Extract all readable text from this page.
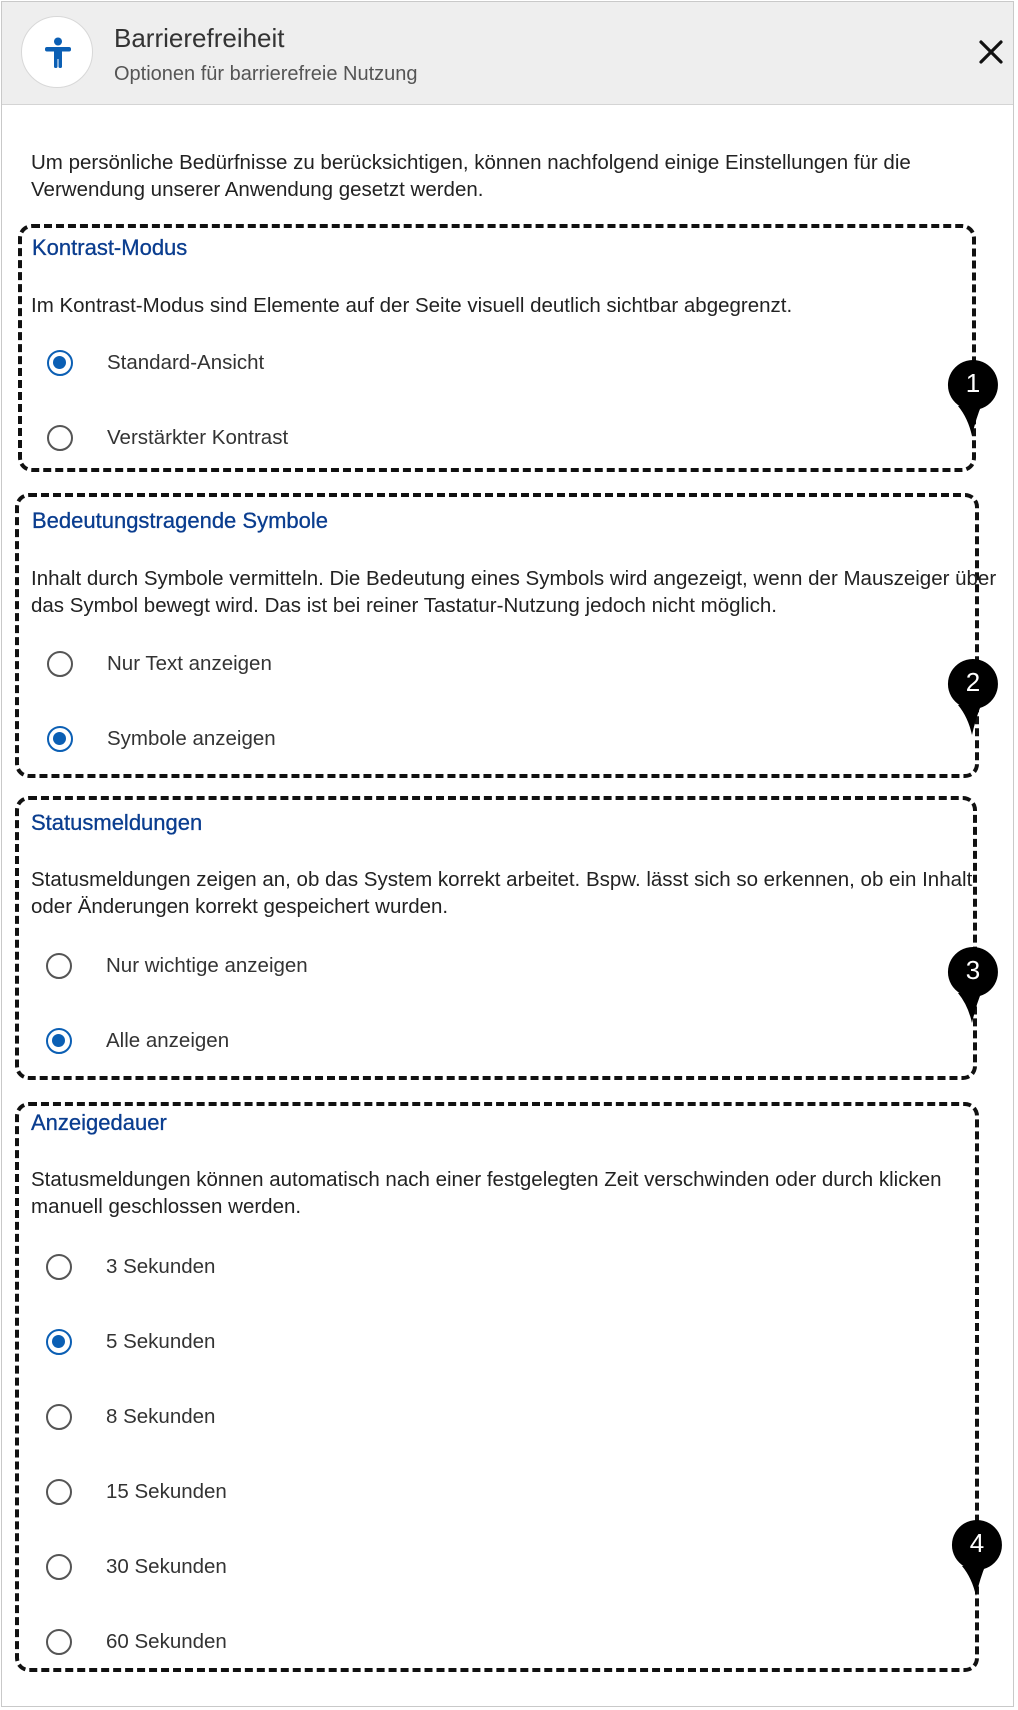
Barrierefreiheit
Optionen für barrierefreie Nutzung
Um persönliche Bedürfnisse zu berücksichtigen, können nachfolgend einige Einstellungen für die Verwendung unserer Anwendung gesetzt werden.
Kontrast-Modus
Im Kontrast-Modus sind Elemente auf der Seite visuell deutlich sichtbar abgegrenzt.
Standard-Ansicht
Verstärkter Kontrast
1
Bedeutungstragende Symbole
Inhalt durch Symbole vermitteln. Die Bedeutung eines Symbols wird angezeigt, wenn der Mauszeiger über das Symbol bewegt wird. Das ist bei reiner Tastatur-Nutzung jedoch nicht möglich.
Nur Text anzeigen
Symbole anzeigen
2
Statusmeldungen
Statusmeldungen zeigen an, ob das System korrekt arbeitet. Bspw. lässt sich so erkennen, ob ein Inhalt oder Änderungen korrekt gespeichert wurden.
Nur wichtige anzeigen
Alle anzeigen
3
Anzeigedauer
Statusmeldungen können automatisch nach einer festgelegten Zeit verschwinden oder durch klicken manuell geschlossen werden.
3 Sekunden
5 Sekunden
8 Sekunden
15 Sekunden
30 Sekunden
60 Sekunden
4
